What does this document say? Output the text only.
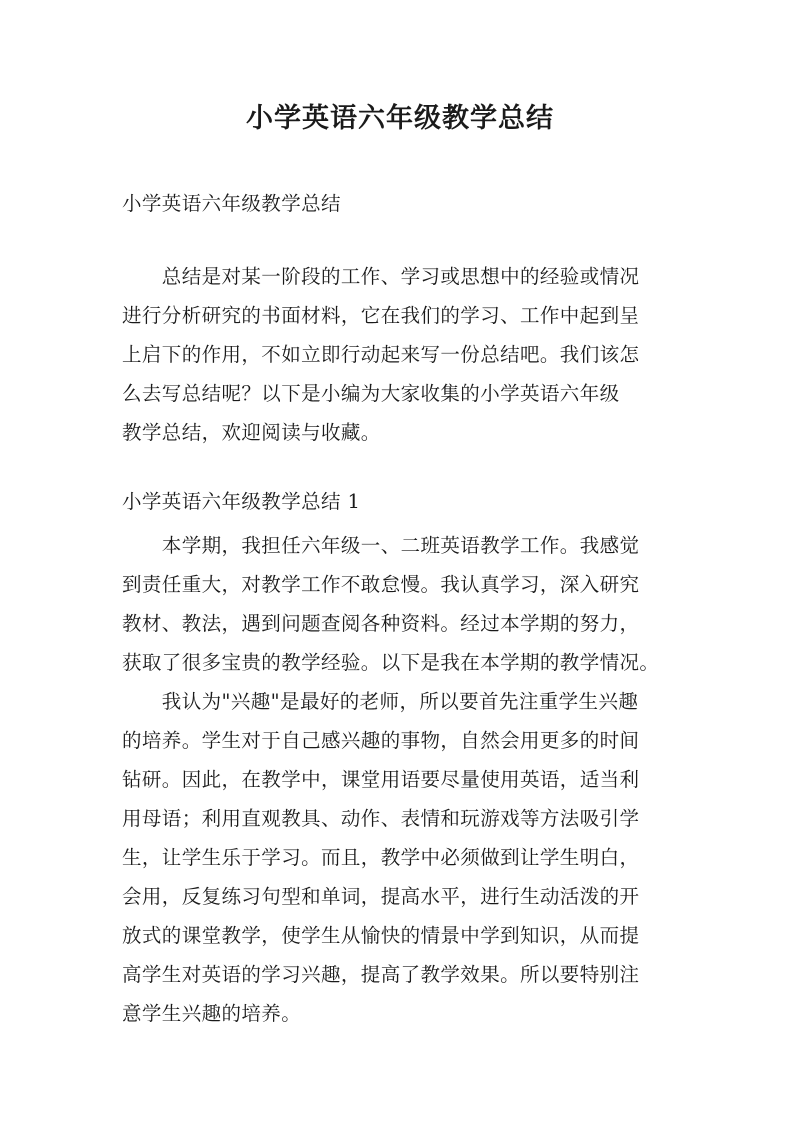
小学英语六年级教学总结

小学英语六年级教学总结

　　总结是对某一阶段的工作、学习或思想中的经验或情况

进行分析研究的书面材料，它在我们的学习、工作中起到呈

上启下的作用，不如立即行动起来写一份总结吧。我们该怎

么去写总结呢？以下是小编为大家收集的小学英语六年级

教学总结，欢迎阅读与收藏。

小学英语六年级教学总结 1

　　本学期，我担任六年级一、二班英语教学工作。我感觉

到责任重大，对教学工作不敢怠慢。我认真学习，深入研究

教材、教法，遇到问题查阅各种资料。经过本学期的努力，

获取了很多宝贵的教学经验。以下是我在本学期的教学情况。

　　我认为"兴趣"是最好的老师，所以要首先注重学生兴趣

的培养。学生对于自己感兴趣的事物，自然会用更多的时间

钻研。因此，在教学中，课堂用语要尽量使用英语，适当利

用母语；利用直观教具、动作、表情和玩游戏等方法吸引学

生，让学生乐于学习。而且，教学中必须做到让学生明白，

会用，反复练习句型和单词，提高水平，进行生动活泼的开

放式的课堂教学，使学生从愉快的情景中学到知识，从而提

高学生对英语的学习兴趣，提高了教学效果。所以要特别注

意学生兴趣的培养。
